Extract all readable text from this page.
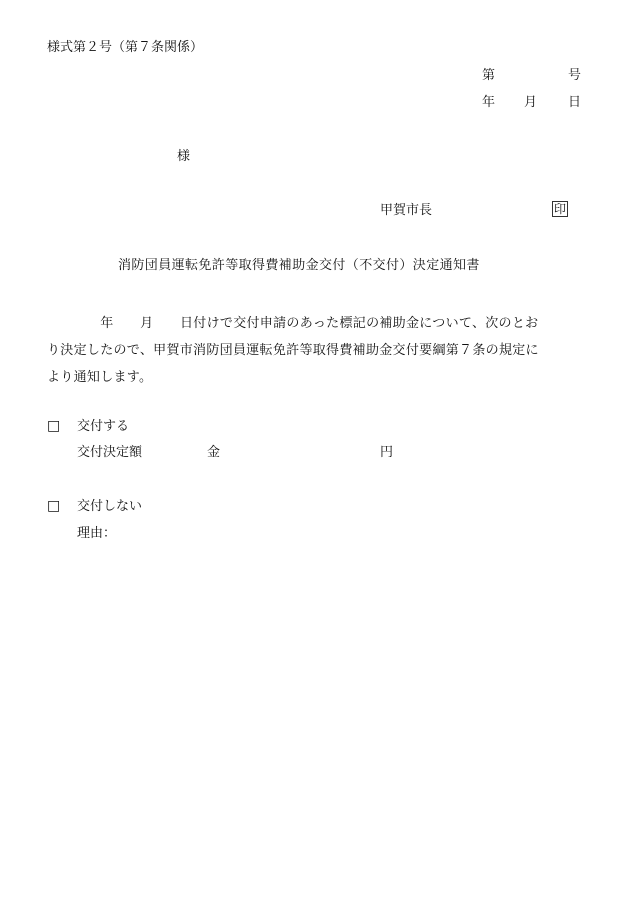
様式第２号（第７条関係）
第	号
年 月 日
様
甲賀市長	印
消防団員運転免許等取得費補助金交付（不交付）決定通知書

　　　　年　　月　　日付けで交付申請のあった標記の補助金について、次のとお

り決定したので、甲賀市消防団員運転免許等取得費補助金交付要綱第７条の規定に

より通知します。

□ 交付する
交付決定額	金	円
□ 交付しない
理由：
